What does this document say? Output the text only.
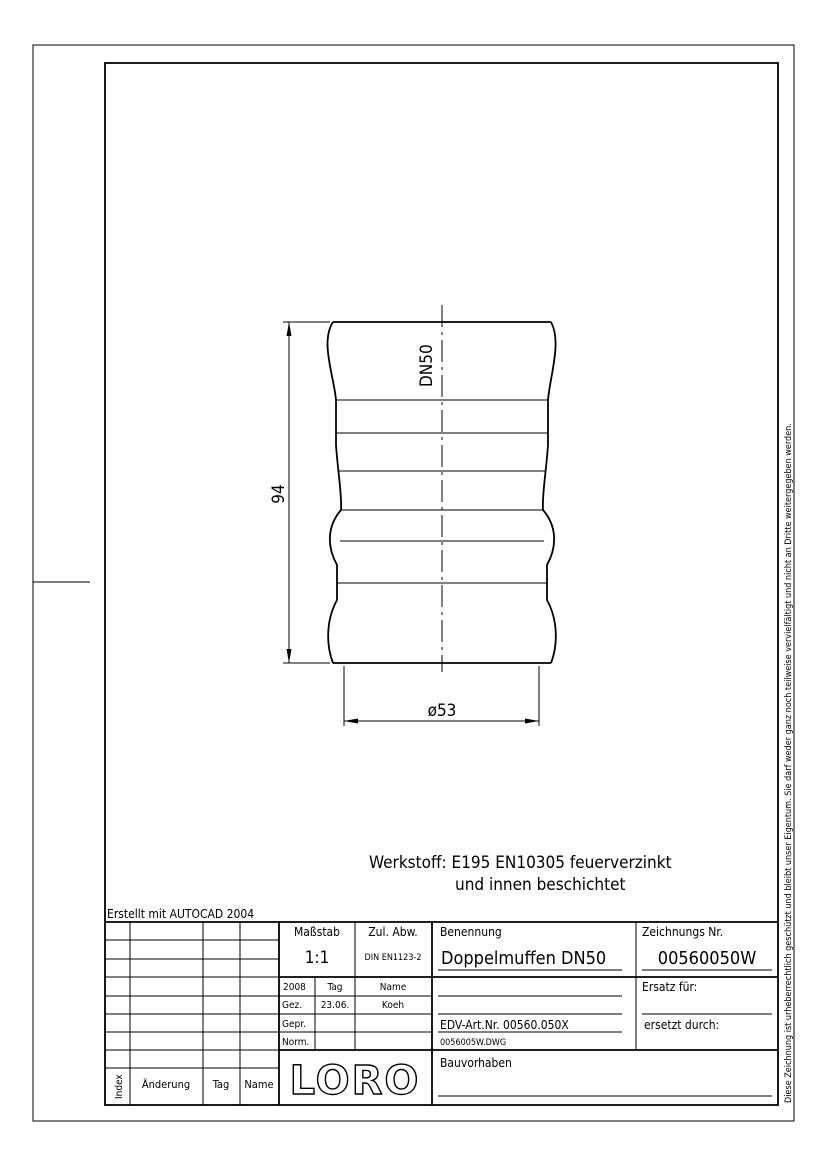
Diese Zeichnung ist urheberrechtlich geschützt und bleibt unser Eigentum. Sie darf weder ganz noch teilweise vervielfältigt und nicht an Dritte weitergegeben werden.
DN50
94
ø53
Werkstoff: E195 EN10305 feuerverzinkt
und innen beschichtet
Erstellt mit AUTOCAD 2004
Index Änderung Tag Name
Maßstab
1:1
Zul. Abw.
DIN EN1123-2
Benennung
Doppelmuffen DN50
Zeichnungs Nr.
00560050W
2008 Tag	Name
Gez. 23.06.	Koeh
Gepr.
Norm.
EDV-Art.Nr. 00560.050X
0056005W.DWG
Ersatz für:
ersetzt durch:
LORO Bauvorhaben
